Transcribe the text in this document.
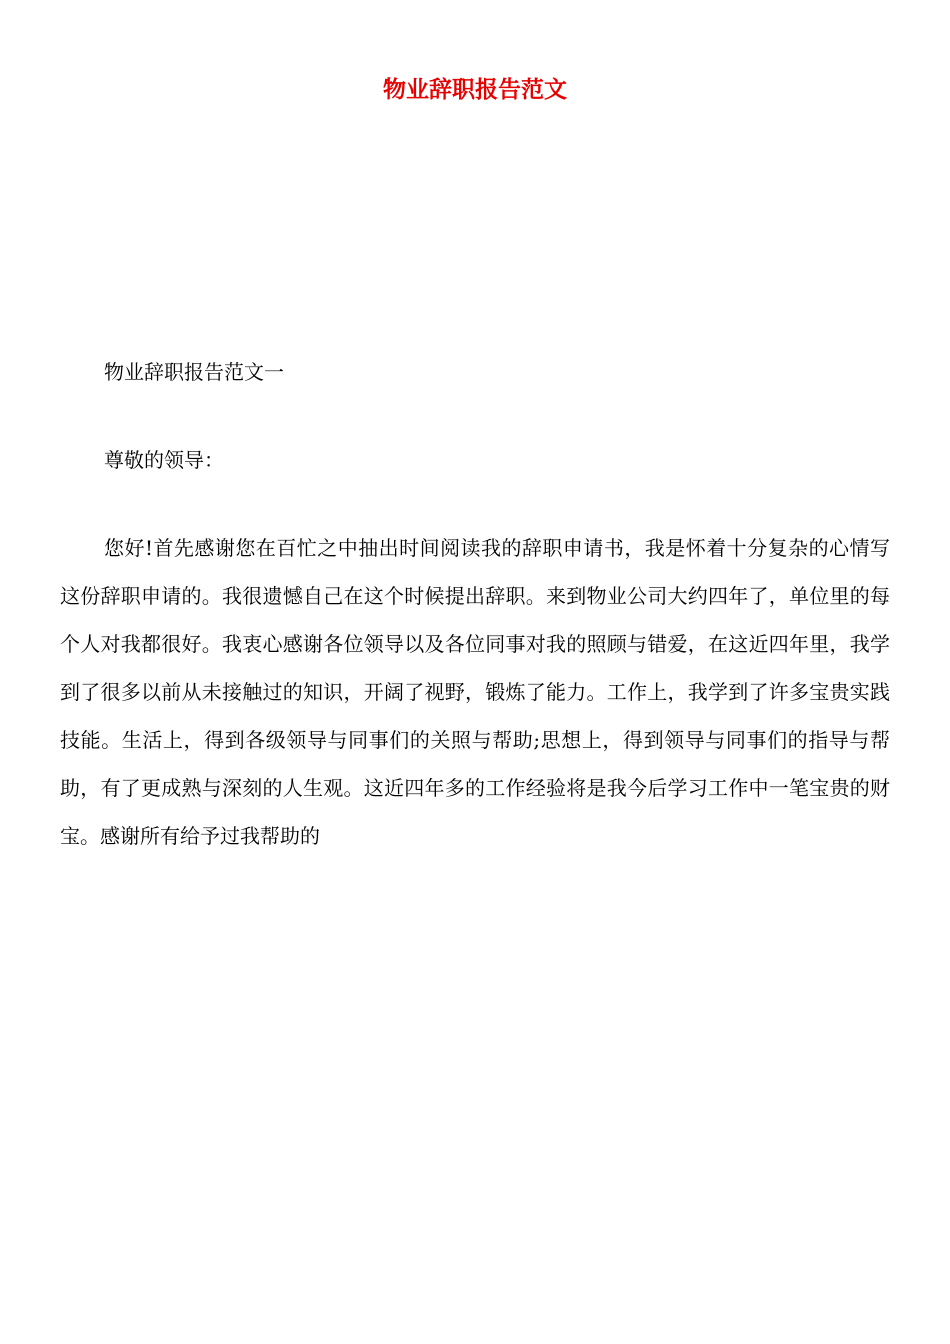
物业辞职报告范文

物业辞职报告范文一

尊敬的领导：

您好!首先感谢您在百忙之中抽出时间阅读我的辞职申请书，我是怀着十分复杂的心情写这份辞职申请的。我很遗憾自己在这个时候提出辞职。来到物业公司大约四年了，单位里的每个人对我都很好。我衷心感谢各位领导以及各位同事对我的照顾与错爱，在这近四年里，我学到了很多以前从未接触过的知识，开阔了视野，锻炼了能力。工作上，我学到了许多宝贵实践技能。生活上，得到各级领导与同事们的关照与帮助;思想上，得到领导与同事们的指导与帮助，有了更成熟与深刻的人生观。这近四年多的工作经验将是我今后学习工作中一笔宝贵的财宝。感谢所有给予过我帮助的
